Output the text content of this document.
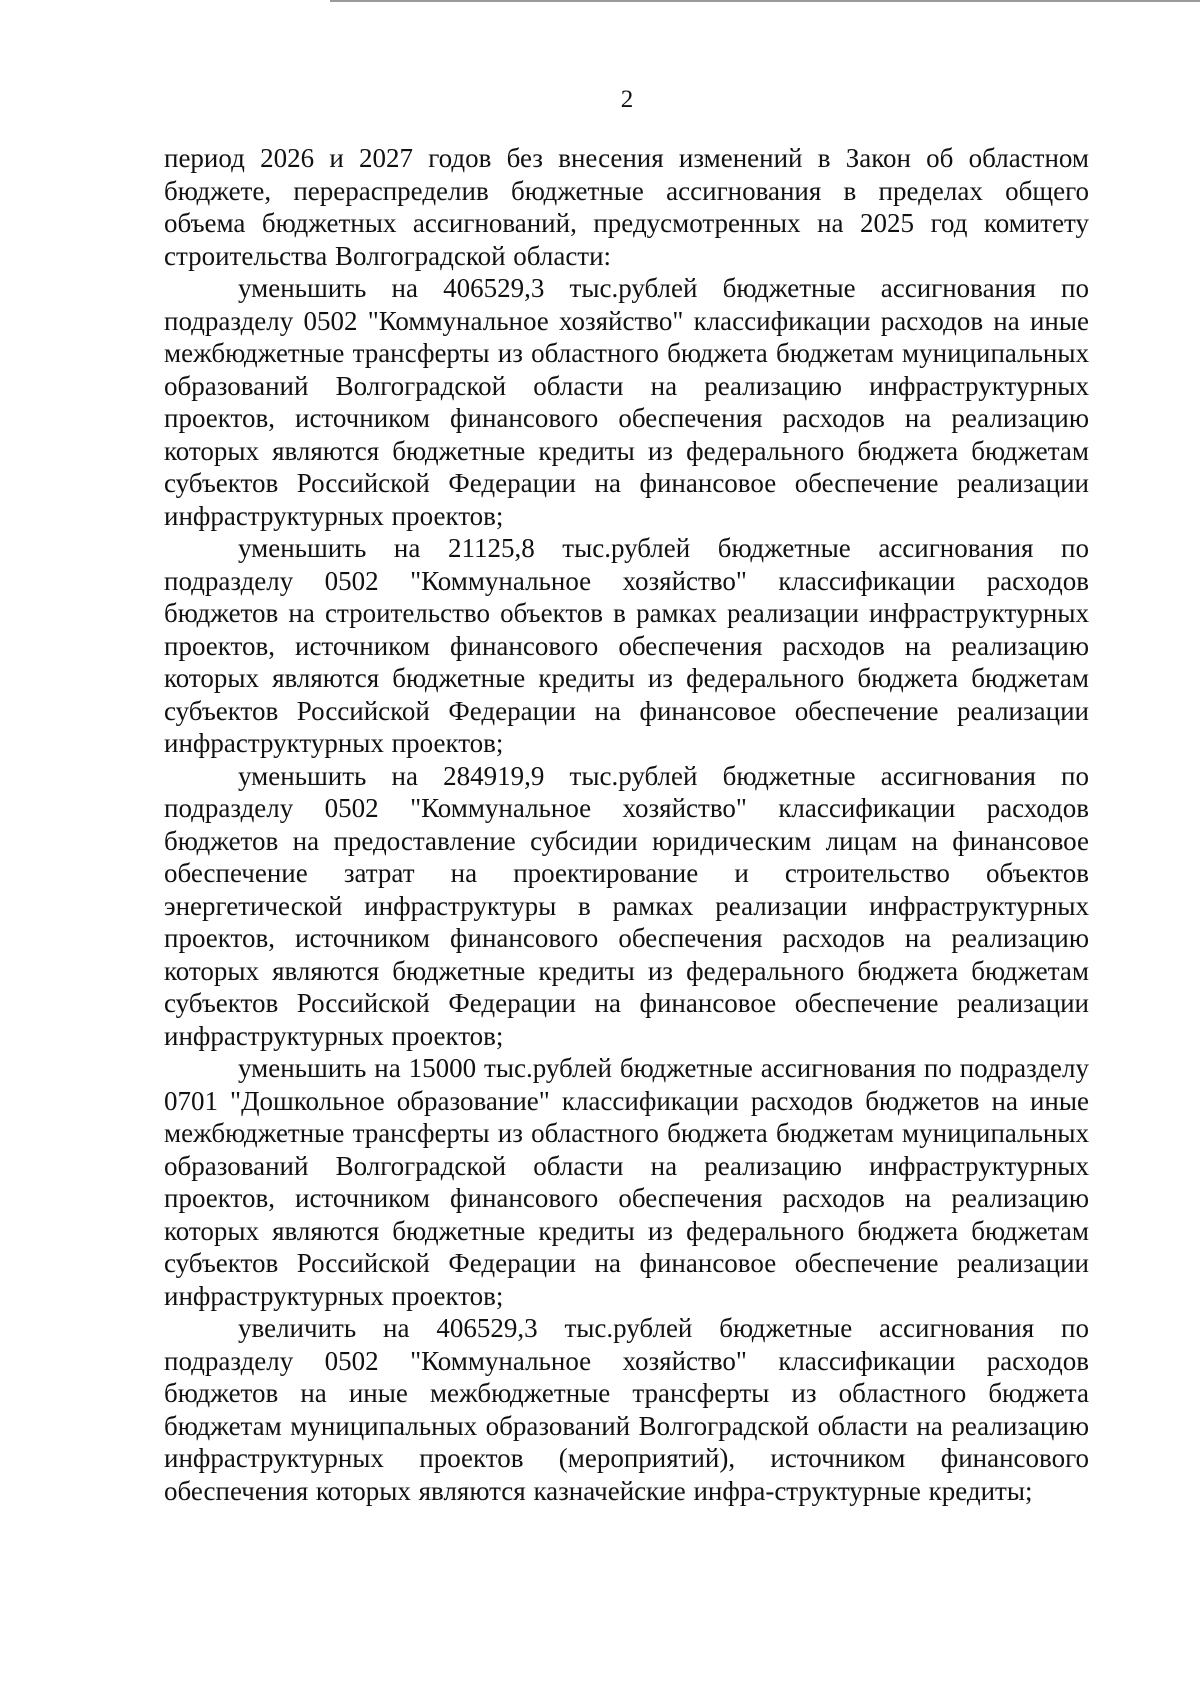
2

период 2026 и 2027 годов без внесения изменений в Закон об областном бюджете, перераспределив бюджетные ассигнования в пределах общего объема бюджетных ассигнований, предусмотренных на 2025 год комитету строительства Волгоградской области:

уменьшить на 406529,3 тыс.рублей бюджетные ассигнования по подразделу 0502 "Коммунальное хозяйство" классификации расходов на иные межбюджетные трансферты из областного бюджета бюджетам муниципальных образований Волгоградской области на реализацию инфраструктурных проектов, источником финансового обеспечения расходов на реализацию которых являются бюджетные кредиты из федерального бюджета бюджетам субъектов Российской Федерации на финансовое обеспечение реализации инфраструктурных проектов;

уменьшить на 21125,8 тыс.рублей бюджетные ассигнования по подразделу 0502 "Коммунальное хозяйство" классификации расходов бюджетов на строительство объектов в рамках реализации инфраструктурных проектов, источником финансового обеспечения расходов на реализацию которых являются бюджетные кредиты из федерального бюджета бюджетам субъектов Российской Федерации на финансовое обеспечение реализации инфраструктурных проектов;

уменьшить на 284919,9 тыс.рублей бюджетные ассигнования по подразделу 0502 "Коммунальное хозяйство" классификации расходов бюджетов на предоставление субсидии юридическим лицам на финансовое обеспечение затрат на проектирование и строительство объектов энергетической инфраструктуры в рамках реализации инфраструктурных проектов, источником финансового обеспечения расходов на реализацию которых являются бюджетные кредиты из федерального бюджета бюджетам субъектов Российской Федерации на финансовое обеспечение реализации инфраструктурных проектов;

уменьшить на 15000 тыс.рублей бюджетные ассигнования по подразделу 0701 "Дошкольное образование" классификации расходов бюджетов на иные межбюджетные трансферты из областного бюджета бюджетам муниципальных образований Волгоградской области на реализацию инфраструктурных проектов, источником финансового обеспечения расходов на реализацию которых являются бюджетные кредиты из федерального бюджета бюджетам субъектов Российской Федерации на финансовое обеспечение реализации инфраструктурных проектов;

увеличить на 406529,3 тыс.рублей бюджетные ассигнования по подразделу 0502 "Коммунальное хозяйство" классификации расходов бюджетов на иные межбюджетные трансферты из областного бюджета бюджетам муниципальных образований Волгоградской области на реализацию инфраструктурных проектов (мероприятий), источником финансового обеспечения которых являются казначейские инфра-структурные кредиты;
